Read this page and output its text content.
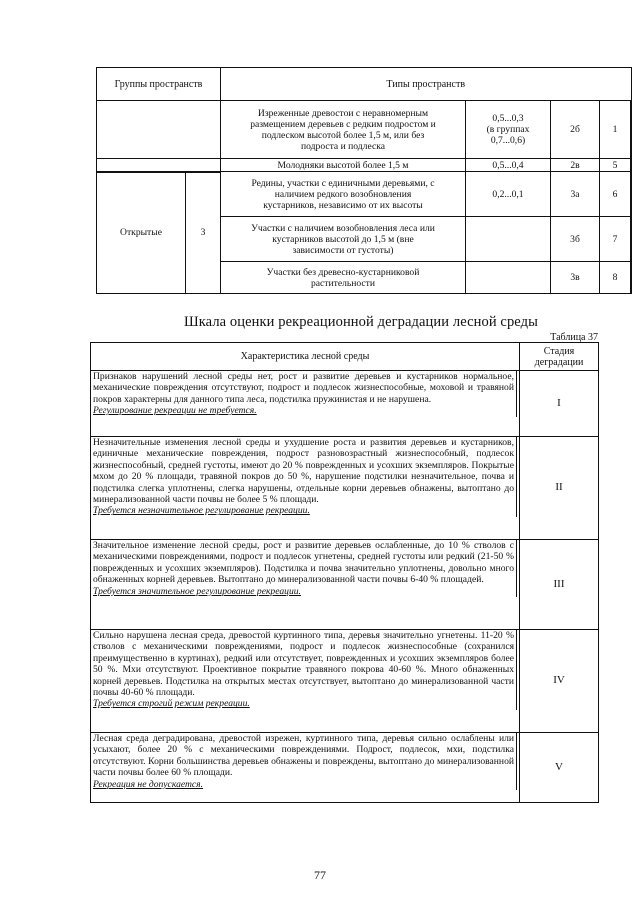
Группы пространств		Типы пространств			
		Изреженные древостои с неравномерным
размещением деревьев с редким подростом и
подлеском высотой более 1,5 м, или без
подроста и подлеска	0,5...0,3
(в группах
0,7...0,6)	2б	1
		Молодняки высотой более 1,5 м	0,5...0,4	2в	5
Открытые	3	Редины, участки с единичными деревьями, с
наличием редкого возобновления
кустарников, независимо от их высоты	0,2...0,1	3а	6
		Участки с наличием возобновления леса или
кустарников высотой до 1,5 м (вне
зависимости от густоты)		3б	7
		Участки без древесно-кустарниковой
растительности		3в	8
Шкала оценки рекреационной деградации лесной среды
Таблица 37
Характеристика лесной среды	Стадия деградации

Признаков нарушений лесной среды нет, рост и развитие деревьев и кустарников нормальное, механические повреждения отсутствуют, подрост и подлесок жизнеспособные, моховой и травяной покров характерны для данного типа леса, подстилка пружинистая и не нарушена.
Регулирование рекреации не требуется.	I

Незначительные изменения лесной среды и ухудшение роста и развития деревьев и кустарников, единичные механические повреждения, подрост разновозрастный жизнеспособный, подлесок жизнеспособный, средней густоты, имеют до 20 % поврежденных и усохших экземпляров. Покрытые мхом до 20 % площади, травяной покров до 50 %, нарушение подстилки незначительное, почва и подстилка слегка уплотнены, слегка нарушены, отдельные корни деревьев обнажены, вытоптано до минерализованной части почвы не более 5 % площади.
Требуется незначительное регулирование рекреации.	II

Значительное изменение лесной среды, рост и развитие деревьев ослабленные, до 10 % стволов с механическими повреждениями, подрост и подлесок угнетены, средней густоты или редкий (21-50 % поврежденных и усохших экземпляров). Подстилка и почва значительно уплотнены, довольно много обнаженных корней деревьев. Вытоптано до минерализованной части почвы 6-40 % площадей.
Требуется значительное регулирование рекреации.	III

Сильно нарушена лесная среда, древостой куртинного типа, деревья значительно угнетены. 11-20 % стволов с механическими повреждениями, подрост и подлесок жизнеспособные (сохранился преимущественно в куртинах), редкий или отсутствует, поврежденных и усохших экземпляров более 50 %. Мхи отсутствуют. Проективное покрытие травяного покрова 40-60 %. Много обнаженных корней деревьев. Подстилка на открытых местах отсутствует, вытоптано до минерализованной части почвы 40-60 % площади.
Требуется строгий режим рекреации.	IV

Лесная среда деградирована, древостой изрежен, куртинного типа, деревья сильно ослаблены или усыхают, более 20 % с механическими повреждениями. Подрост, подлесок, мхи, подстилка отсутствуют. Корни большинства деревьев обнажены и повреждены, вытоптано до минерализованной части почвы более 60 % площади.
Рекреация не допускается.	V
77
